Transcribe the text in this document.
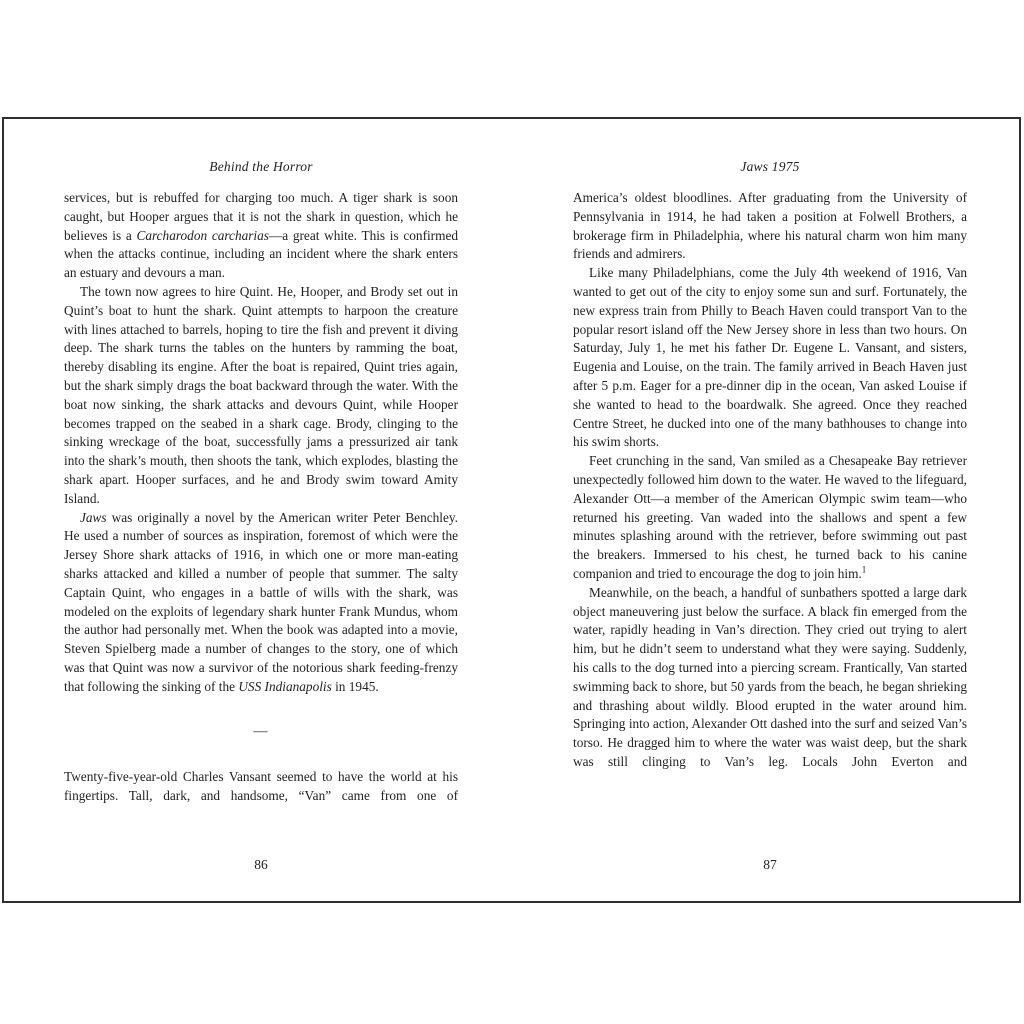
Behind the Horror

services, but is rebuffed for charging too much. A tiger shark is soon caught, but Hooper argues that it is not the shark in question, which he believes is a Carcharodon carcharias—a great white. This is confirmed when the attacks continue, including an incident where the shark enters an estuary and devours a man.

The town now agrees to hire Quint. He, Hooper, and Brody set out in Quint’s boat to hunt the shark. Quint attempts to harpoon the creature with lines attached to barrels, hoping to tire the fish and prevent it diving deep. The shark turns the tables on the hunters by ramming the boat, thereby disabling its engine. After the boat is repaired, Quint tries again, but the shark simply drags the boat backward through the water. With the boat now sinking, the shark attacks and devours Quint, while Hooper becomes trapped on the seabed in a shark cage. Brody, clinging to the sinking wreckage of the boat, successfully jams a pressurized air tank into the shark’s mouth, then shoots the tank, which explodes, blasting the shark apart. Hooper surfaces, and he and Brody swim toward Amity Island.

Jaws was originally a novel by the American writer Peter Benchley. He used a number of sources as inspiration, foremost of which were the Jersey Shore shark attacks of 1916, in which one or more man-eating sharks attacked and killed a number of people that summer. The salty Captain Quint, who engages in a battle of wills with the shark, was modeled on the exploits of legendary shark hunter Frank Mundus, whom the author had personally met. When the book was adapted into a movie, Steven Spielberg made a number of changes to the story, one of which was that Quint was now a survivor of the notorious shark feeding-frenzy that following the sinking of the USS Indianapolis in 1945.

—

Twenty-five-year-old Charles Vansant seemed to have the world at his fingertips. Tall, dark, and handsome, “Van” came from one of

86
Jaws 1975

America’s oldest bloodlines. After graduating from the University of Pennsylvania in 1914, he had taken a position at Folwell Brothers, a brokerage firm in Philadelphia, where his natural charm won him many friends and admirers.

Like many Philadelphians, come the July 4th weekend of 1916, Van wanted to get out of the city to enjoy some sun and surf. Fortunately, the new express train from Philly to Beach Haven could transport Van to the popular resort island off the New Jersey shore in less than two hours. On Saturday, July 1, he met his father Dr. Eugene L. Vansant, and sisters, Eugenia and Louise, on the train. The family arrived in Beach Haven just after 5 p.m. Eager for a pre-dinner dip in the ocean, Van asked Louise if she wanted to head to the boardwalk. She agreed. Once they reached Centre Street, he ducked into one of the many bathhouses to change into his swim shorts.

Feet crunching in the sand, Van smiled as a Chesapeake Bay retriever unexpectedly followed him down to the water. He waved to the lifeguard, Alexander Ott—a member of the American Olympic swim team—who returned his greeting. Van waded into the shallows and spent a few minutes splashing around with the retriever, before swimming out past the breakers. Immersed to his chest, he turned back to his canine companion and tried to encourage the dog to join him.$^1$

Meanwhile, on the beach, a handful of sunbathers spotted a large dark object maneuvering just below the surface. A black fin emerged from the water, rapidly heading in Van’s direction. They cried out trying to alert him, but he didn’t seem to understand what they were saying. Suddenly, his calls to the dog turned into a piercing scream. Frantically, Van started swimming back to shore, but 50 yards from the beach, he began shrieking and thrashing about wildly. Blood erupted in the water around him. Springing into action, Alexander Ott dashed into the surf and seized Van’s torso. He dragged him to where the water was waist deep, but the shark was still clinging to Van’s leg. Locals John Everton and

87
